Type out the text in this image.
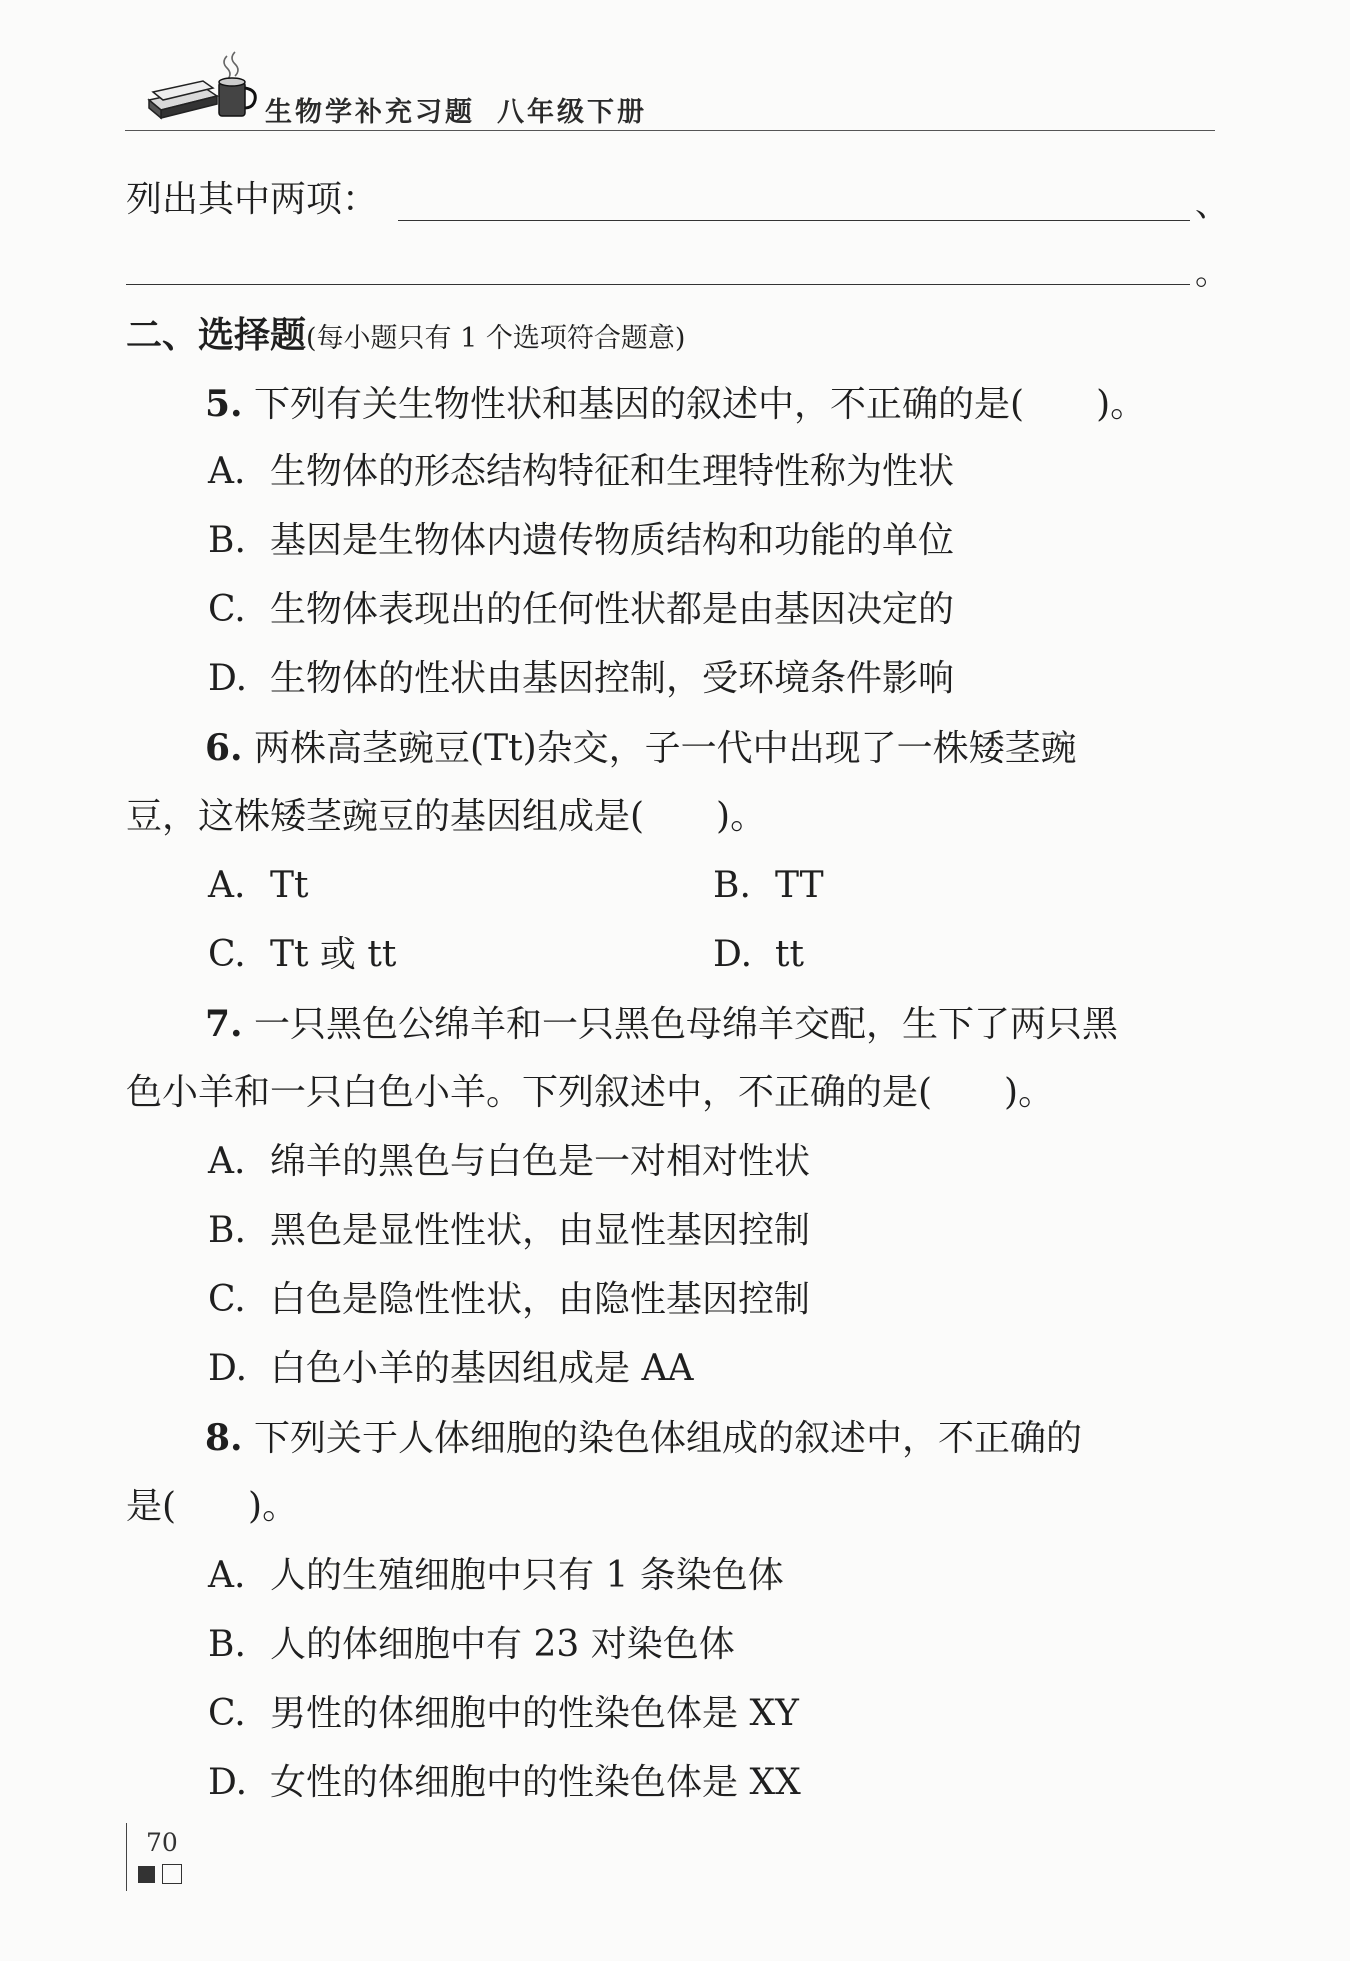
生物学补充习题 八年级下册
列出其中两项：	、
。
二、选择题(每小题只有 1 个选项符合题意)
5. 下列有关生物性状和基因的叙述中，不正确的是(　　)。
A. 生物体的形态结构特征和生理特性称为性状
B. 基因是生物体内遗传物质结构和功能的单位
C. 生物体表现出的任何性状都是由基因决定的
D. 生物体的性状由基因控制，受环境条件影响
6. 两株高茎豌豆(Tt)杂交，子一代中出现了一株矮茎豌
豆，这株矮茎豌豆的基因组成是(　　)。
A. Tt	B. TT
C. Tt 或 tt	D. tt
7. 一只黑色公绵羊和一只黑色母绵羊交配，生下了两只黑
色小羊和一只白色小羊。下列叙述中，不正确的是(　　)。
A. 绵羊的黑色与白色是一对相对性状
B. 黑色是显性性状，由显性基因控制
C. 白色是隐性性状，由隐性基因控制
D. 白色小羊的基因组成是 AA
8. 下列关于人体细胞的染色体组成的叙述中，不正确的
是(　　)。
A. 人的生殖细胞中只有 1 条染色体
B. 人的体细胞中有 23 对染色体
C. 男性的体细胞中的性染色体是 XY
D. 女性的体细胞中的性染色体是 XX
70
